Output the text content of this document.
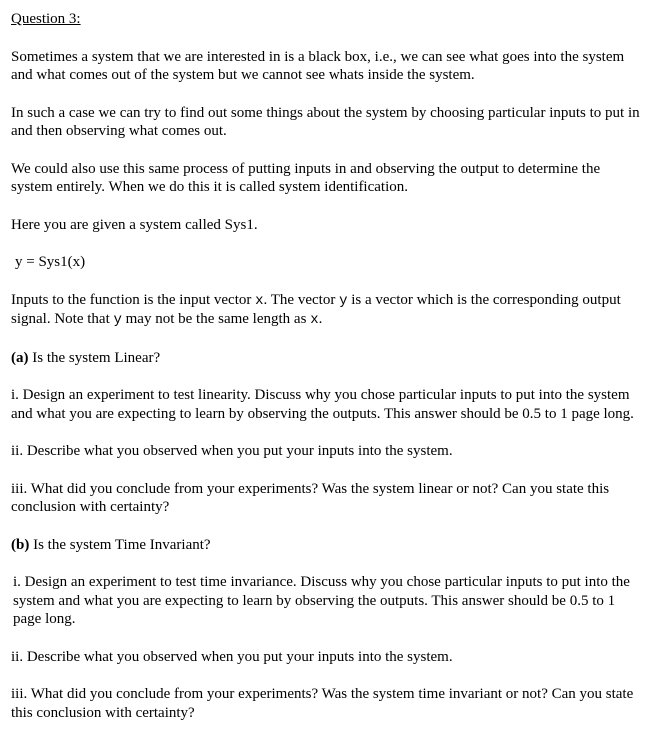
Question 3:

Sometimes a system that we are interested in is a black box, i.e., we can see what goes into the system and what comes out of the system but we cannot see whats inside the system.

In such a case we can try to find out some things about the system by choosing particular inputs to put in and then observing what comes out.

We could also use this same process of putting inputs in and observing the output to determine the system entirely. When we do this it is called system identification.

Here you are given a system called Sys1.

y = Sys1(x)

Inputs to the function is the input vector x. The vector y is a vector which is the corresponding output signal. Note that y may not be the same length as x.

(a) Is the system Linear?

i. Design an experiment to test linearity. Discuss why you chose particular inputs to put into the system and what you are expecting to learn by observing the outputs. This answer should be 0.5 to 1 page long.

ii. Describe what you observed when you put your inputs into the system.

iii. What did you conclude from your experiments? Was the system linear or not? Can you state this conclusion with certainty?

(b) Is the system Time Invariant?

i. Design an experiment to test time invariance. Discuss why you chose particular inputs to put into the system and what you are expecting to learn by observing the outputs. This answer should be 0.5 to 1 page long.

ii. Describe what you observed when you put your inputs into the system.

iii. What did you conclude from your experiments? Was the system time invariant or not? Can you state this conclusion with certainty?
